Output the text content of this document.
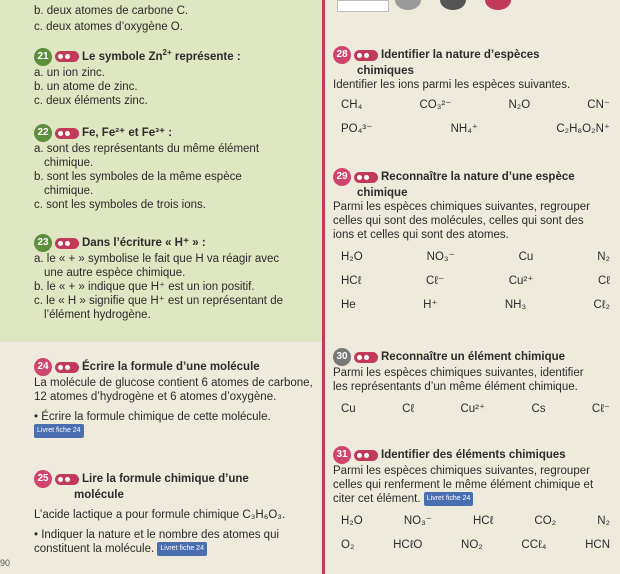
b. deux atomes de carbone C.
c. deux atomes d’oxygène O.
21	Le symbole $Zn^{2+}$ représente :
a. un ion zinc.
b. un atome de zinc.
c. deux éléments zinc.
22	Fe, Fe²⁺ et Fe³⁺ :
a. sont des représentants du même élément
chimique.
b. sont les symboles de la même espèce
chimique.
c. sont les symboles de trois ions.
23	Dans l’écriture « H⁺ » :
a. le « + » symbolise le fait que H va réagir avec
une autre espèce chimique.
b. le « + » indique que H⁺ est un ion positif.
c. le « H » signifie que H⁺ est un représentant de
l’élément hydrogène.
24	Écrire la formule d’une molécule
La molécule de glucose contient 6 atomes de carbone,
12 atomes d’hydrogène et 6 atomes d’oxygène.
• Écrire la formule chimique de cette molécule.
Livret fiche 24
25	Lire la formule chimique d’une
molécule
L’acide lactique a pour formule chimique C₃H₆O₃.
• Indiquer la nature et le nombre des atomes qui
constituent la molécule. Livret fiche 24
90
28	Identifier la nature d’espèces
chimiques
Identifier les ions parmi les espèces suivantes.
CH₄	CO₃²⁻	N₂O	CN⁻
PO₄³⁻	NH₄⁺	C₂H₈O₂N⁺
29	Reconnaître la nature d’une espèce
chimique
Parmi les espèces chimiques suivantes, regrouper
celles qui sont des molécules, celles qui sont des
ions et celles qui sont des atomes.
H₂O	NO₃⁻	Cu	N₂
HCℓ	Cℓ⁻	Cu²⁺	Cℓ
He	H⁺	NH₃	Cℓ₂
30	Reconnaître un élément chimique
Parmi les espèces chimiques suivantes, identifier
les représentants d’un même élément chimique.
Cu	Cℓ	Cu²⁺	Cs	Cℓ⁻
31	Identifier des éléments chimiques
Parmi les espèces chimiques suivantes, regrouper
celles qui renferment le même élément chimique et
citer cet élément. Livret fiche 24
H₂O	NO₃⁻	HCℓ	CO₂	N₂
O₂	HCℓO	NO₂	CCℓ₄	HCN
